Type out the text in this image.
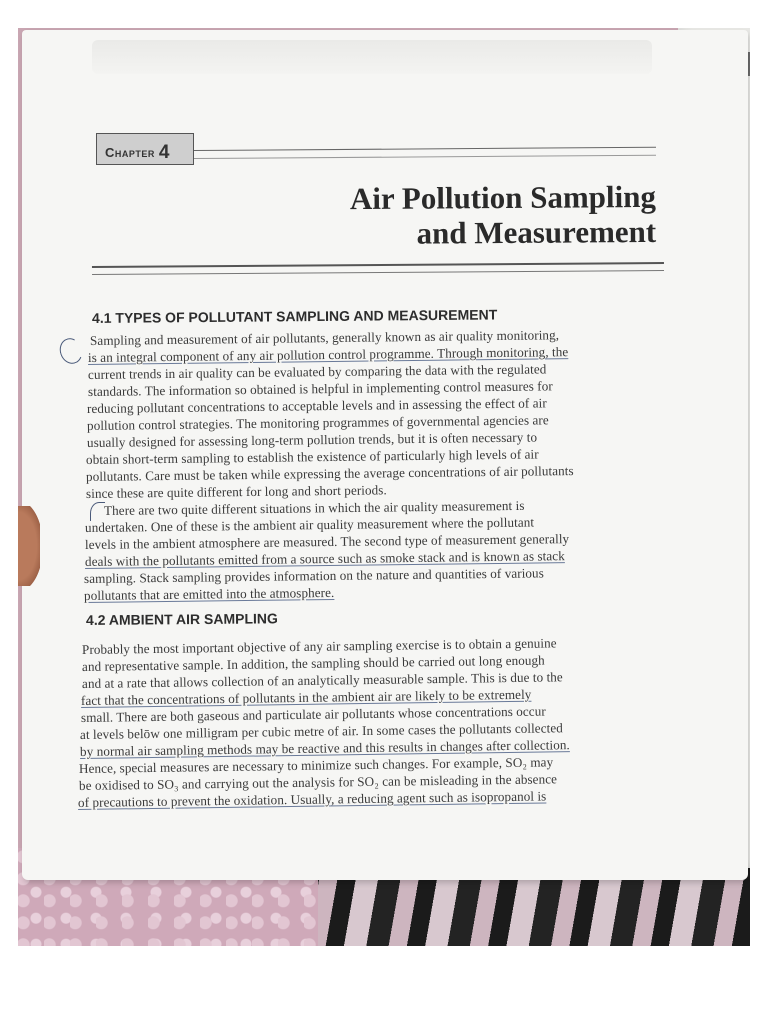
Chapter 4
Air Pollution Sampling
and Measurement
4.1 TYPES OF POLLUTANT SAMPLING AND MEASUREMENT
Sampling and measurement of air pollutants, generally known as air quality monitoring,
is an integral component of any air pollution control programme. Through monitoring, the
current trends in air quality can be evaluated by comparing the data with the regulated
standards. The information so obtained is helpful in implementing control measures for
reducing pollutant concentrations to acceptable levels and in assessing the effect of air
pollution control strategies. The monitoring programmes of governmental agencies are
usually designed for assessing long-term pollution trends, but it is often necessary to
obtain short-term sampling to establish the existence of particularly high levels of air
pollutants. Care must be taken while expressing the average concentrations of air pollutants
since these are quite different for long and short periods.
There are two quite different situations in which the air quality measurement is
undertaken. One of these is the ambient air quality measurement where the pollutant
levels in the ambient atmosphere are measured. The second type of measurement generally
deals with the pollutants emitted from a source such as smoke stack and is known as stack
sampling. Stack sampling provides information on the nature and quantities of various
pollutants that are emitted into the atmosphere.
4.2 AMBIENT AIR SAMPLING
Probably the most important objective of any air sampling exercise is to obtain a genuine
and representative sample. In addition, the sampling should be carried out long enough
and at a rate that allows collection of an analytically measurable sample. This is due to the
fact that the concentrations of pollutants in the ambient air are likely to be extremely
small. There are both gaseous and particulate air pollutants whose concentrations occur
at levels belōw one milligram per cubic metre of air. In some cases the pollutants collected
by normal air sampling methods may be reactive and this results in changes after collection.
Hence, special measures are necessary to minimize such changes. For example, SO₂ may
be oxidised to SO₃ and carrying out the analysis for SO₂ can be misleading in the absence
of precautions to prevent the oxidation. Usually, a reducing agent such as isopropanol is
